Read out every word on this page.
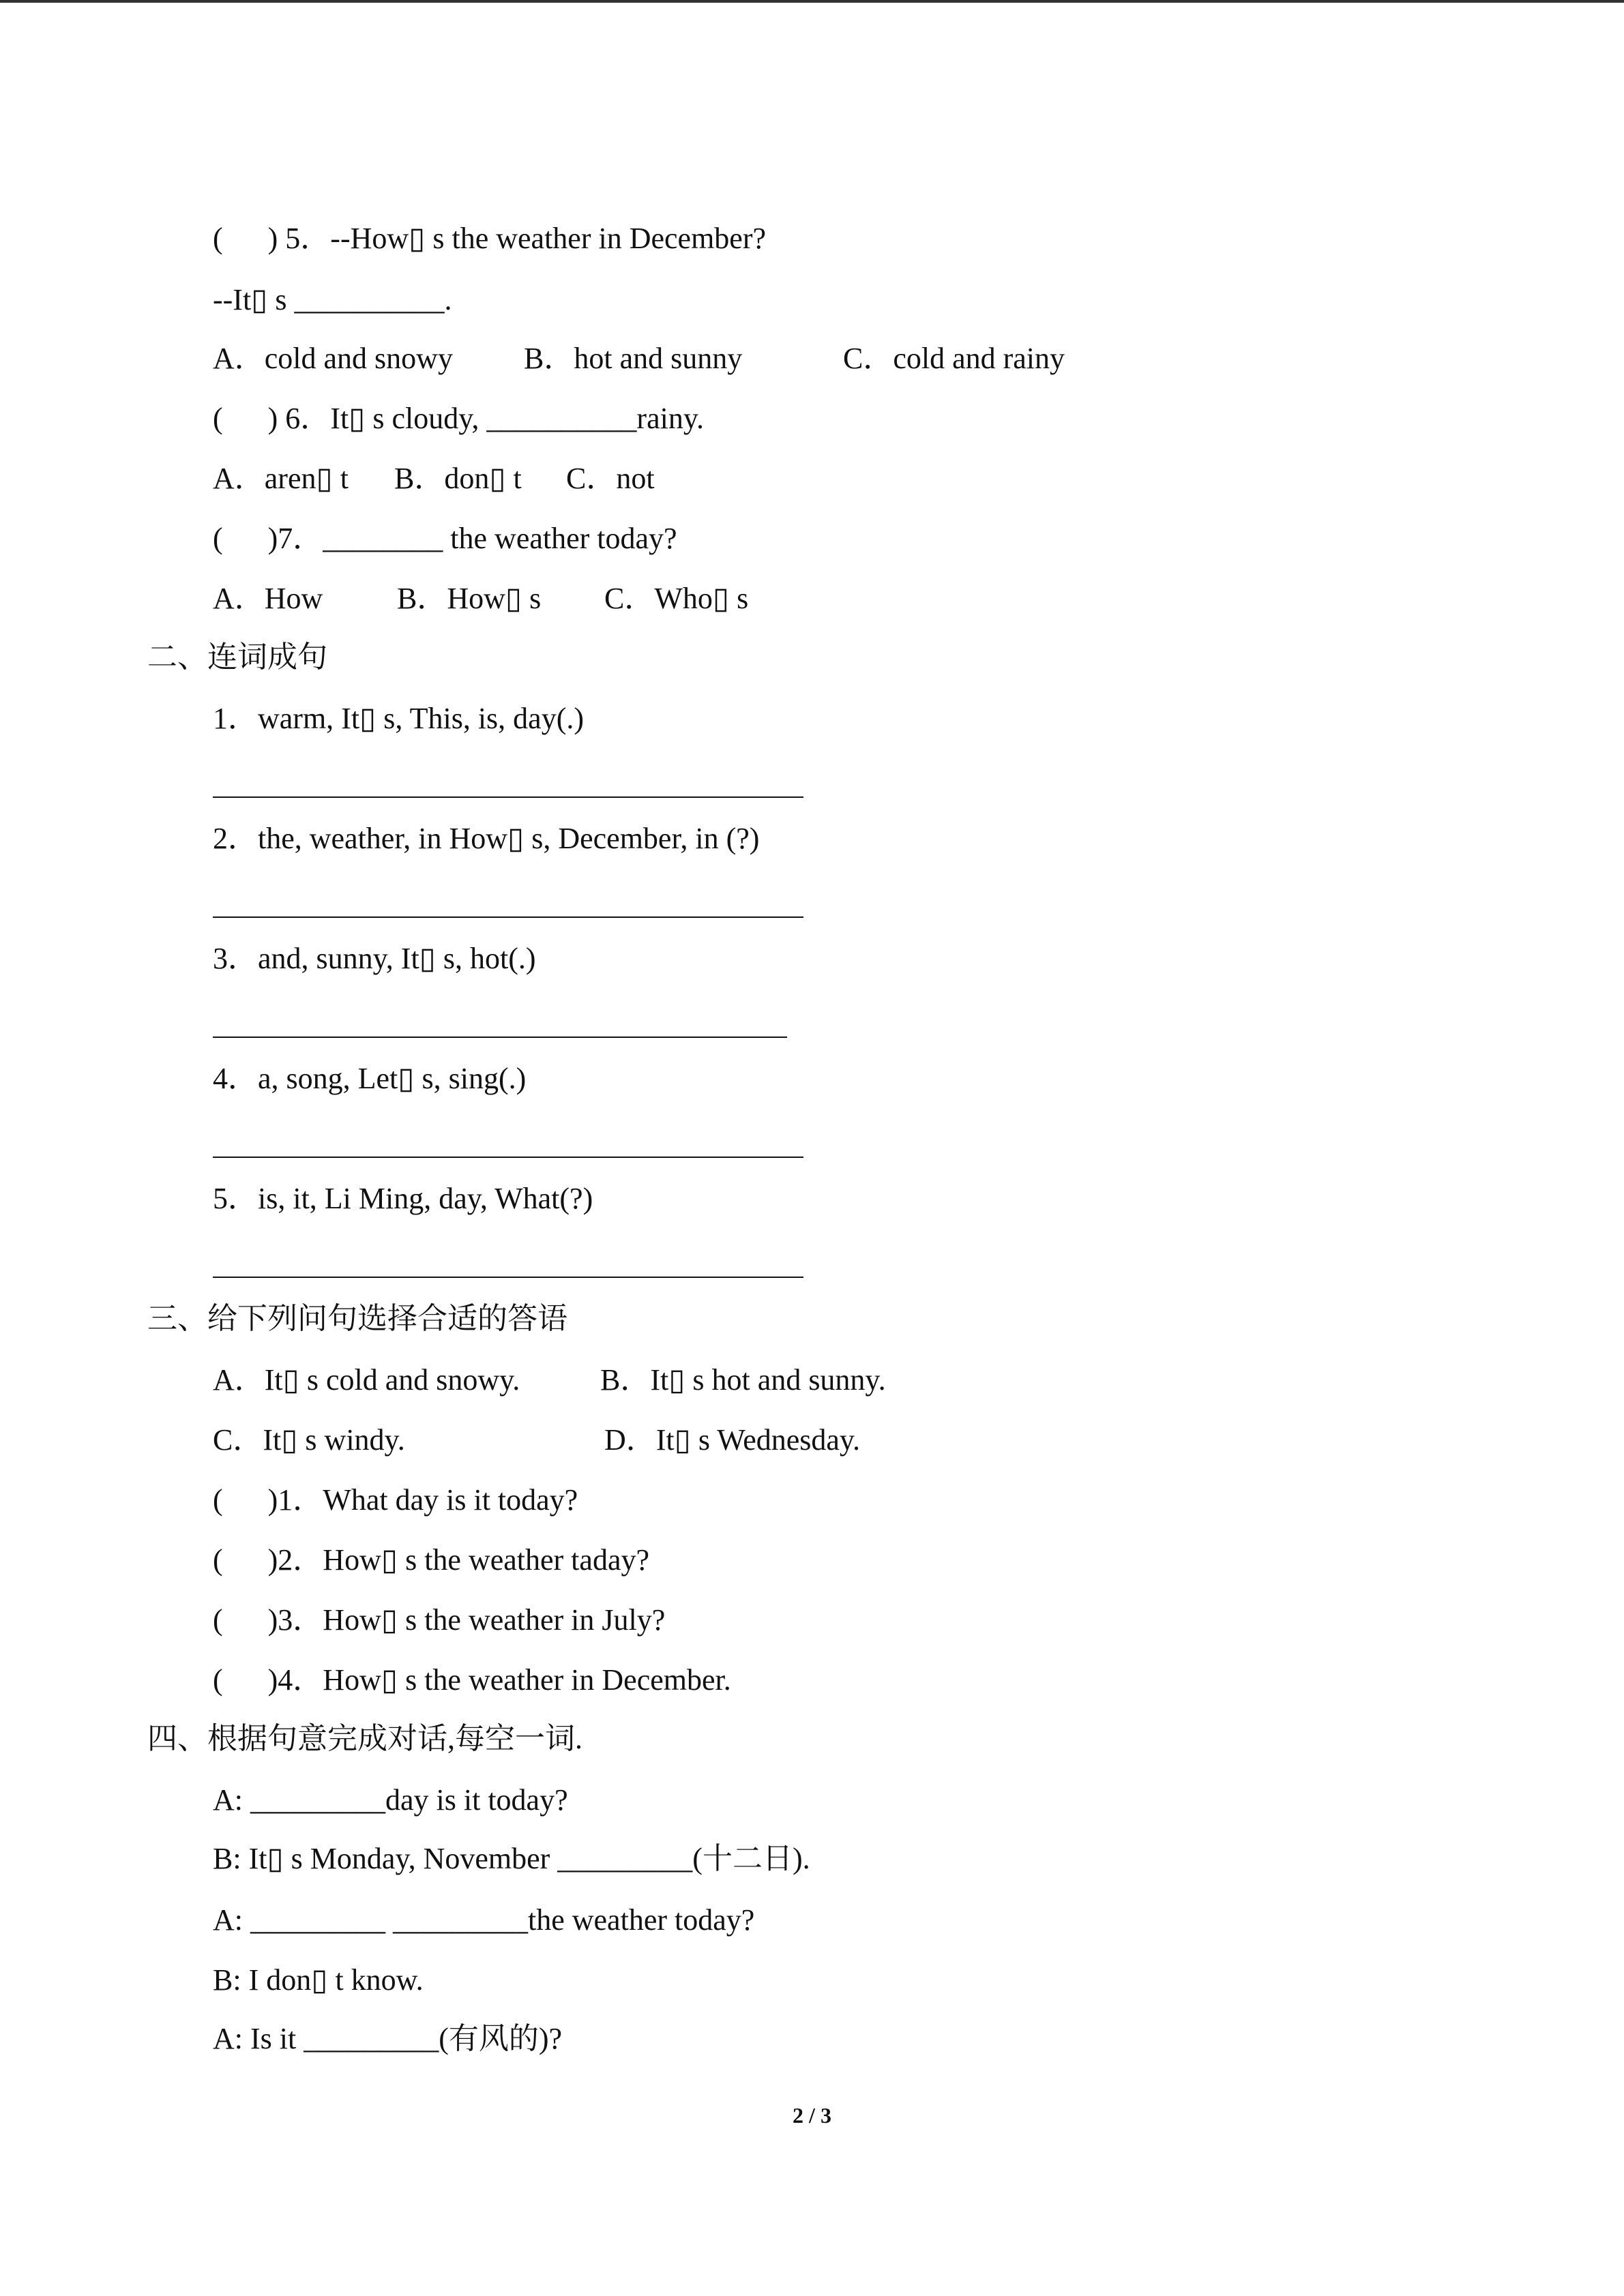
(      ) 5．--How▯ s the weather in December?
--It▯ s __________.
A．cold and snowy B．hot and sunny	C．cold and rainy
(      ) 6．It▯ s cloudy, __________rainy.
A．aren▯ t B．don▯ t C．not
(      )7．________ the weather today?
A．How B．How▯ s C．Who▯ s
二、连词成句
1．warm, It▯ s, This, is, day(.)
2．the, weather, in How▯ s, December, in (?)
3．and, sunny, It▯ s, hot(.)
4．a, song, Let▯ s, sing(.)
5．is, it, Li Ming, day, What(?)
三、给下列问句选择合适的答语
A．It▯ s cold and snowy.	B．It▯ s hot and sunny.
C．It▯ s windy.	D．It▯ s Wednesday.
(      )1．What day is it today?
(      )2．How▯ s the weather taday?
(      )3．How▯ s the weather in July?
(      )4．How▯ s the weather in December.
四、根据句意完成对话,每空一词.
A: _________day is it today?
B: It▯ s Monday, November _________(十二日).
A: _________ _________the weather today?
B: I don▯ t know.
A: Is it _________(有风的)?
2 / 3
